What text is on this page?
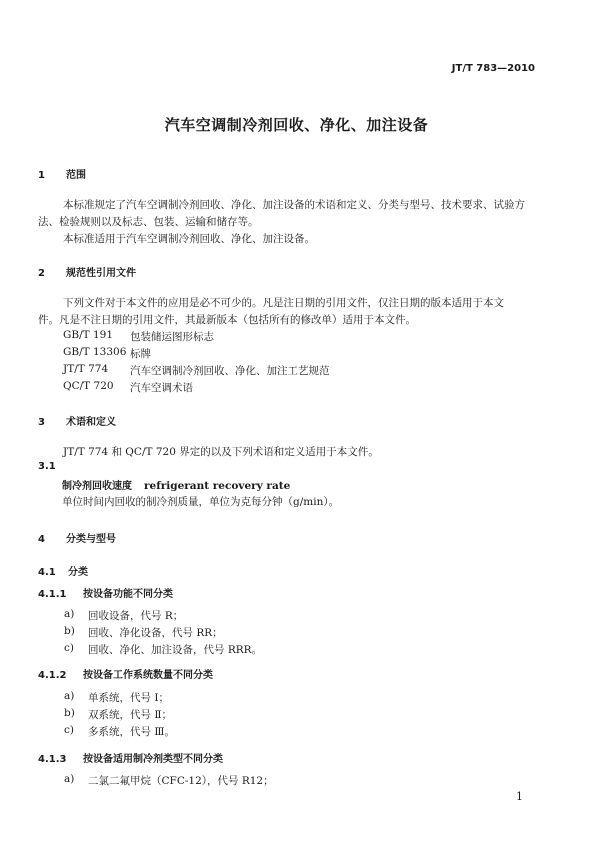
JT/T 783—2010
汽车空调制冷剂回收、净化、加注设备
1 范围
本标准规定了汽车空调制冷剂回收、净化、加注设备的术语和定义、分类与型号、技术要求、试验方
法、检验规则以及标志、包装、运输和储存等。
本标准适用于汽车空调制冷剂回收、净化、加注设备。
2 规范性引用文件
下列文件对于本文件的应用是必不可少的。凡是注日期的引用文件，仅注日期的版本适用于本文
件。凡是不注日期的引用文件，其最新版本（包括所有的修改单）适用于本文件。
GB/T 191 包装储运图形标志
GB/T 13306 标牌
JT/T 774 汽车空调制冷剂回收、净化、加注工艺规范
QC/T 720 汽车空调术语
3 术语和定义
JT/T 774 和 QC/T 720 界定的以及下列术语和定义适用于本文件。
3.1
制冷剂回收速度 refrigerant recovery rate
单位时间内回收的制冷剂质量，单位为克每分钟（g/min）。
4 分类与型号
4.1 分类
4.1.1 按设备功能不同分类
a) 回收设备，代号 R；
b) 回收、净化设备，代号 RR；
c) 回收、净化、加注设备，代号 RRR。
4.1.2 按设备工作系统数量不同分类
a) 单系统，代号 Ⅰ；
b) 双系统，代号 Ⅱ；
c) 多系统，代号 Ⅲ。
4.1.3 按设备适用制冷剂类型不同分类
a) 二氯二氟甲烷（CFC-12），代号 R12；
1
